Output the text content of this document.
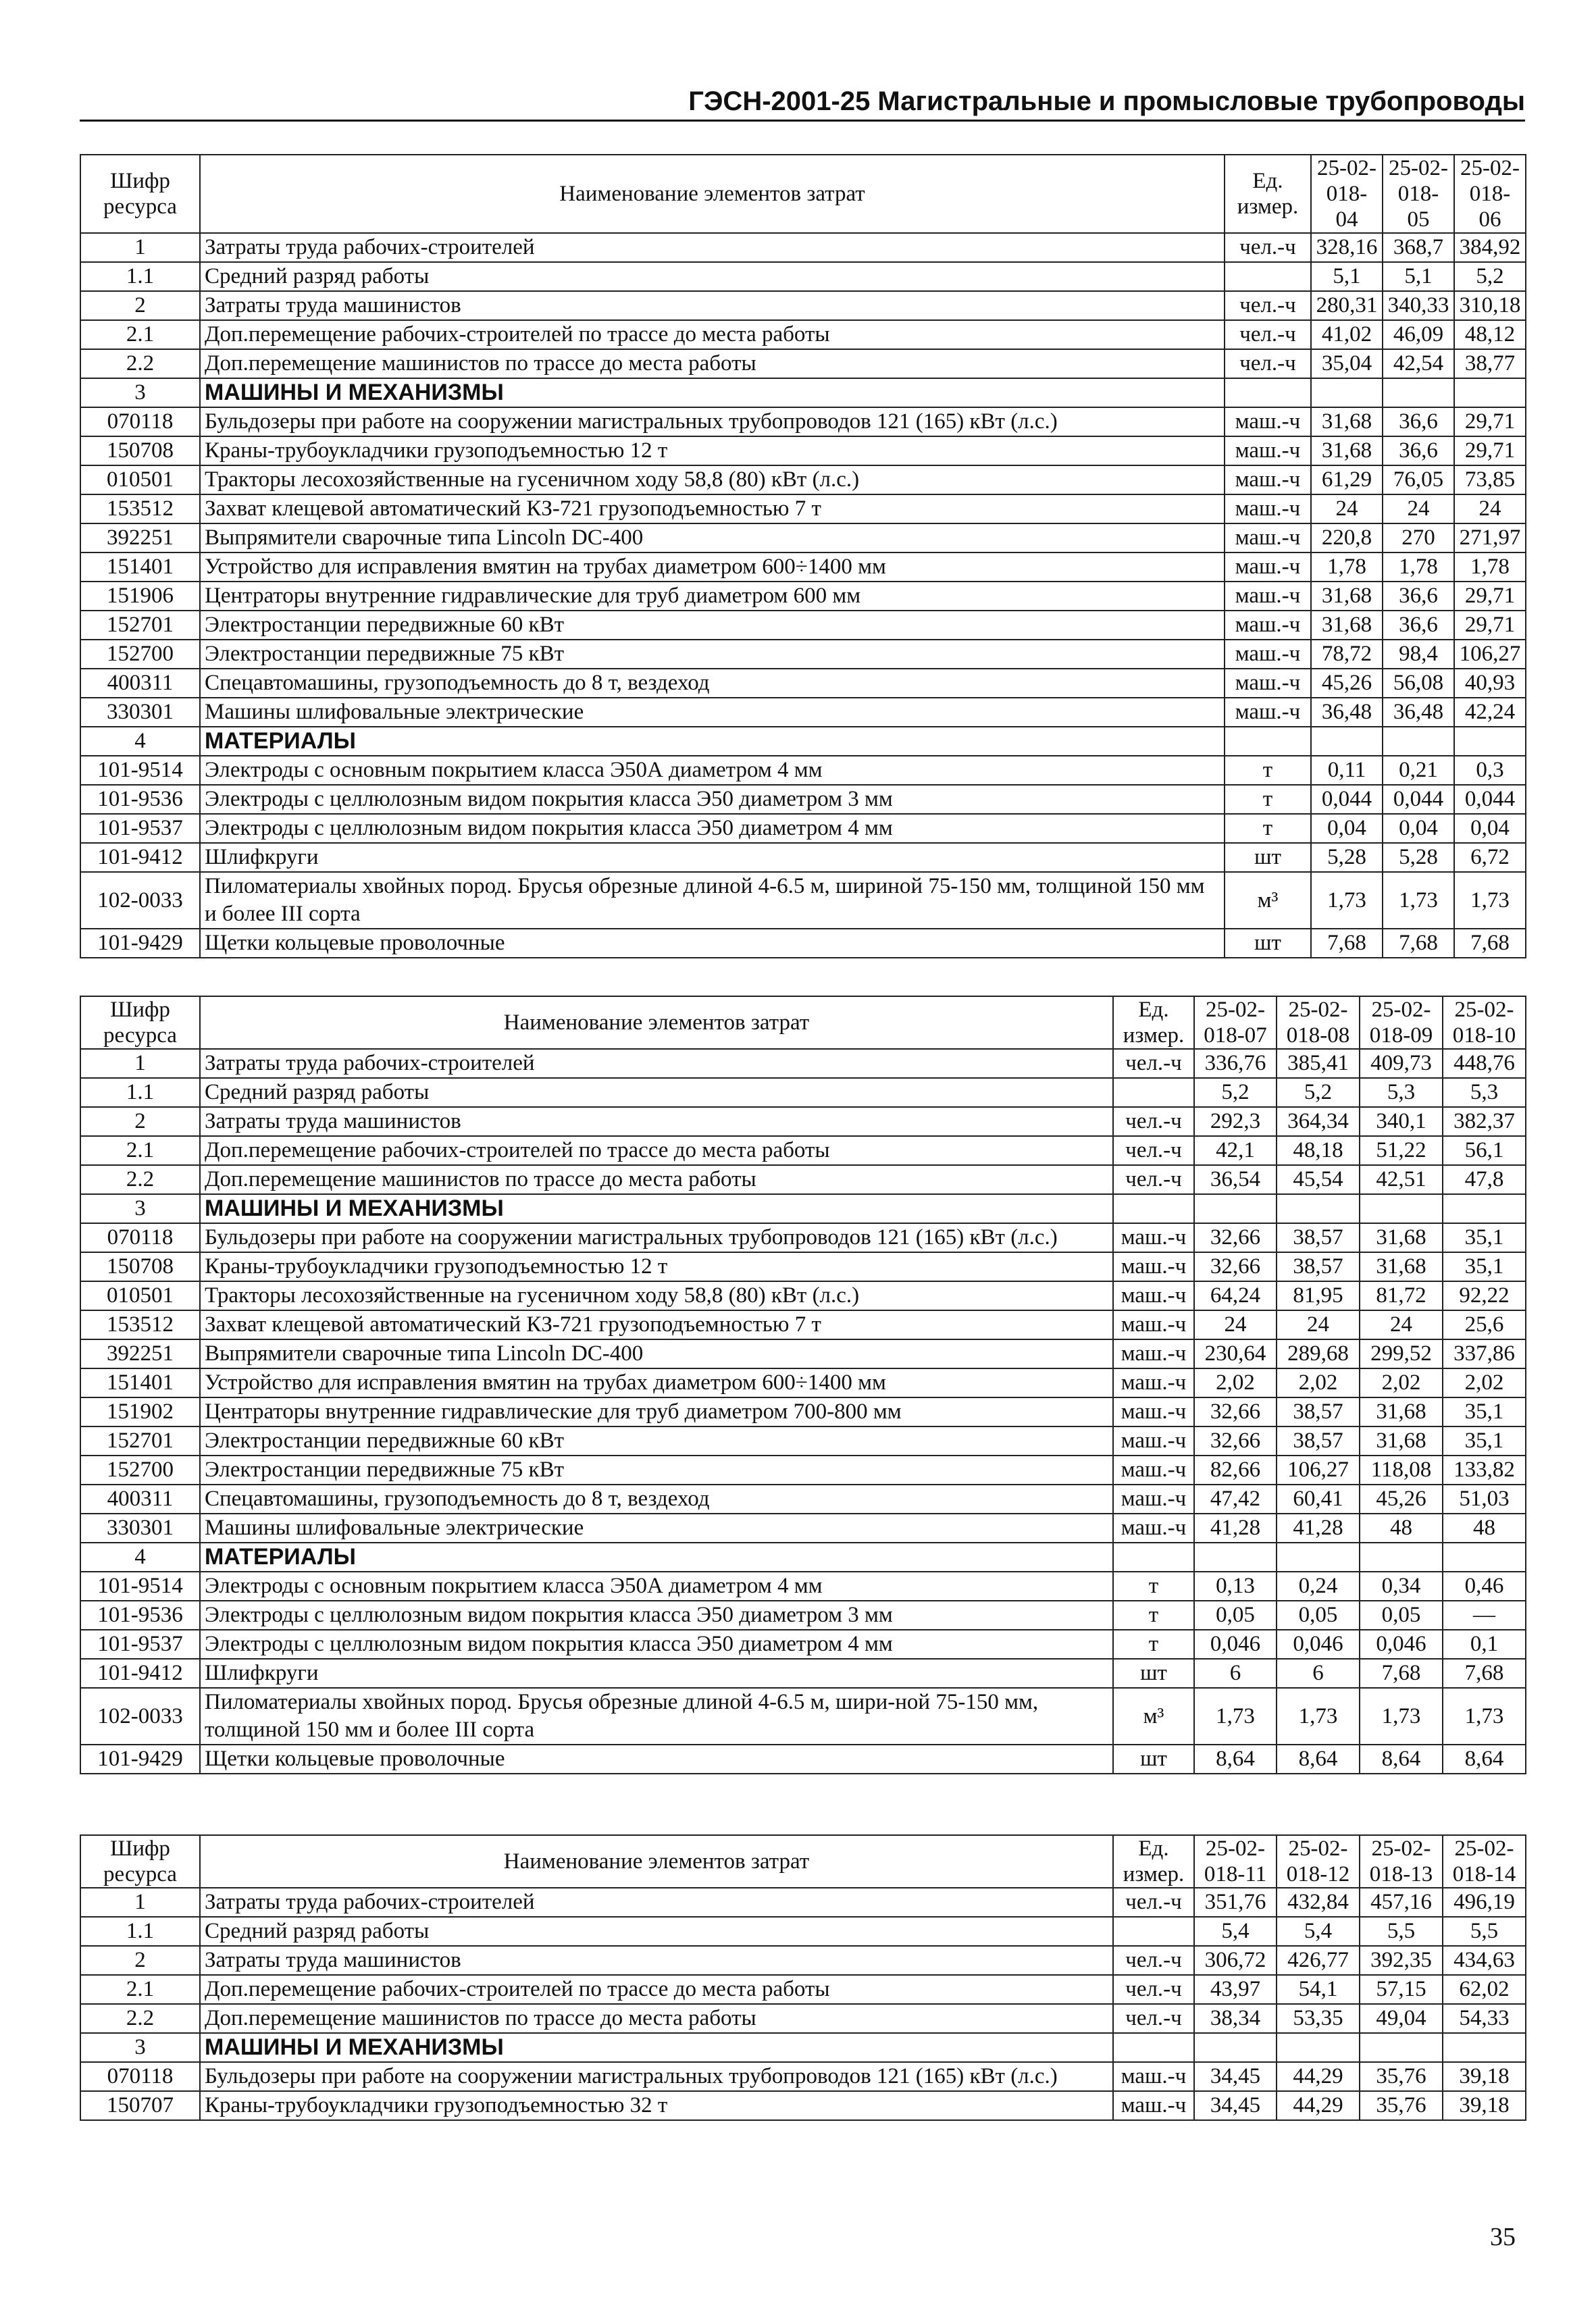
ГЭСН-2001-25 Магистральные и промысловые трубопроводы
Шифр ресурса	Наименование элементов затрат	Ед. измер.	25-02-018-04	25-02-018-05	25-02-018-06
1	Затраты труда рабочих-строителей	чел.-ч	328,16	368,7	384,92
1.1	Средний разряд работы		5,1	5,1	5,2
2	Затраты труда машинистов	чел.-ч	280,31	340,33	310,18
2.1	Доп.перемещение рабочих-строителей по трассе до места работы	чел.-ч	41,02	46,09	48,12
2.2	Доп.перемещение машинистов по трассе до места работы	чел.-ч	35,04	42,54	38,77
3	МАШИНЫ И МЕХАНИЗМЫ				
070118	Бульдозеры при работе на сооружении магистральных трубопроводов 121 (165) кВт (л.с.)	маш.-ч	31,68	36,6	29,71
150708	Краны-трубоукладчики грузоподъемностью 12 т	маш.-ч	31,68	36,6	29,71
010501	Тракторы лесохозяйственные на гусеничном ходу 58,8 (80) кВт (л.с.)	маш.-ч	61,29	76,05	73,85
153512	Захват клещевой автоматический КЗ-721 грузоподъемностью 7 т	маш.-ч	24	24	24
392251	Выпрямители сварочные типа Lincoln DC-400	маш.-ч	220,8	270	271,97
151401	Устройство для исправления вмятин на трубах диаметром 600÷1400 мм	маш.-ч	1,78	1,78	1,78
151906	Центраторы внутренние гидравлические для труб диаметром 600 мм	маш.-ч	31,68	36,6	29,71
152701	Электростанции передвижные 60 кВт	маш.-ч	31,68	36,6	29,71
152700	Электростанции передвижные 75 кВт	маш.-ч	78,72	98,4	106,27
400311	Спецавтомашины, грузоподъемность до 8 т, вездеход	маш.-ч	45,26	56,08	40,93
330301	Машины шлифовальные электрические	маш.-ч	36,48	36,48	42,24
4	МАТЕРИАЛЫ				
101-9514	Электроды с основным покрытием класса Э50А диаметром 4 мм	т	0,11	0,21	0,3
101-9536	Электроды с целлюлозным видом покрытия класса Э50 диаметром 3 мм	т	0,044	0,044	0,044
101-9537	Электроды с целлюлозным видом покрытия класса Э50 диаметром 4 мм	т	0,04	0,04	0,04
101-9412	Шлифкруги	шт	5,28	5,28	6,72
102-0033	Пиломатериалы хвойных пород. Брусья обрезные длиной 4-6.5 м, шириной 75-150 мм, толщиной 150 мм и более III сорта	м³	1,73	1,73	1,73
101-9429	Щетки кольцевые проволочные	шт	7,68	7,68	7,68
Шифр ресурса	Наименование элементов затрат	Ед. измер.	25-02-018-07	25-02-018-08	25-02-018-09	25-02-018-10
1	Затраты труда рабочих-строителей	чел.-ч	336,76	385,41	409,73	448,76
1.1	Средний разряд работы		5,2	5,2	5,3	5,3
2	Затраты труда машинистов	чел.-ч	292,3	364,34	340,1	382,37
2.1	Доп.перемещение рабочих-строителей по трассе до места работы	чел.-ч	42,1	48,18	51,22	56,1
2.2	Доп.перемещение машинистов по трассе до места работы	чел.-ч	36,54	45,54	42,51	47,8
3	МАШИНЫ И МЕХАНИЗМЫ					
070118	Бульдозеры при работе на сооружении магистральных трубопроводов 121 (165) кВт (л.с.)	маш.-ч	32,66	38,57	31,68	35,1
150708	Краны-трубоукладчики грузоподъемностью 12 т	маш.-ч	32,66	38,57	31,68	35,1
010501	Тракторы лесохозяйственные на гусеничном ходу 58,8 (80) кВт (л.с.)	маш.-ч	64,24	81,95	81,72	92,22
153512	Захват клещевой автоматический КЗ-721 грузоподъемностью 7 т	маш.-ч	24	24	24	25,6
392251	Выпрямители сварочные типа Lincoln DC-400	маш.-ч	230,64	289,68	299,52	337,86
151401	Устройство для исправления вмятин на трубах диаметром 600÷1400 мм	маш.-ч	2,02	2,02	2,02	2,02
151902	Центраторы внутренние гидравлические для труб диаметром 700-800 мм	маш.-ч	32,66	38,57	31,68	35,1
152701	Электростанции передвижные 60 кВт	маш.-ч	32,66	38,57	31,68	35,1
152700	Электростанции передвижные 75 кВт	маш.-ч	82,66	106,27	118,08	133,82
400311	Спецавтомашины, грузоподъемность до 8 т, вездеход	маш.-ч	47,42	60,41	45,26	51,03
330301	Машины шлифовальные электрические	маш.-ч	41,28	41,28	48	48
4	МАТЕРИАЛЫ					
101-9514	Электроды с основным покрытием класса Э50А диаметром 4 мм	т	0,13	0,24	0,34	0,46
101-9536	Электроды с целлюлозным видом покрытия класса Э50 диаметром 3 мм	т	0,05	0,05	0,05	—
101-9537	Электроды с целлюлозным видом покрытия класса Э50 диаметром 4 мм	т	0,046	0,046	0,046	0,1
101-9412	Шлифкруги	шт	6	6	7,68	7,68
102-0033	Пиломатериалы хвойных пород. Брусья обрезные длиной 4-6.5 м, шири-ной 75-150 мм, толщиной 150 мм и более III сорта	м³	1,73	1,73	1,73	1,73
101-9429	Щетки кольцевые проволочные	шт	8,64	8,64	8,64	8,64
Шифр ресурса	Наименование элементов затрат	Ед. измер.	25-02-018-11	25-02-018-12	25-02-018-13	25-02-018-14
1	Затраты труда рабочих-строителей	чел.-ч	351,76	432,84	457,16	496,19
1.1	Средний разряд работы		5,4	5,4	5,5	5,5
2	Затраты труда машинистов	чел.-ч	306,72	426,77	392,35	434,63
2.1	Доп.перемещение рабочих-строителей по трассе до места работы	чел.-ч	43,97	54,1	57,15	62,02
2.2	Доп.перемещение машинистов по трассе до места работы	чел.-ч	38,34	53,35	49,04	54,33
3	МАШИНЫ И МЕХАНИЗМЫ					
070118	Бульдозеры при работе на сооружении магистральных трубопроводов 121 (165) кВт (л.с.)	маш.-ч	34,45	44,29	35,76	39,18
150707	Краны-трубоукладчики грузоподъемностью 32 т	маш.-ч	34,45	44,29	35,76	39,18
35
